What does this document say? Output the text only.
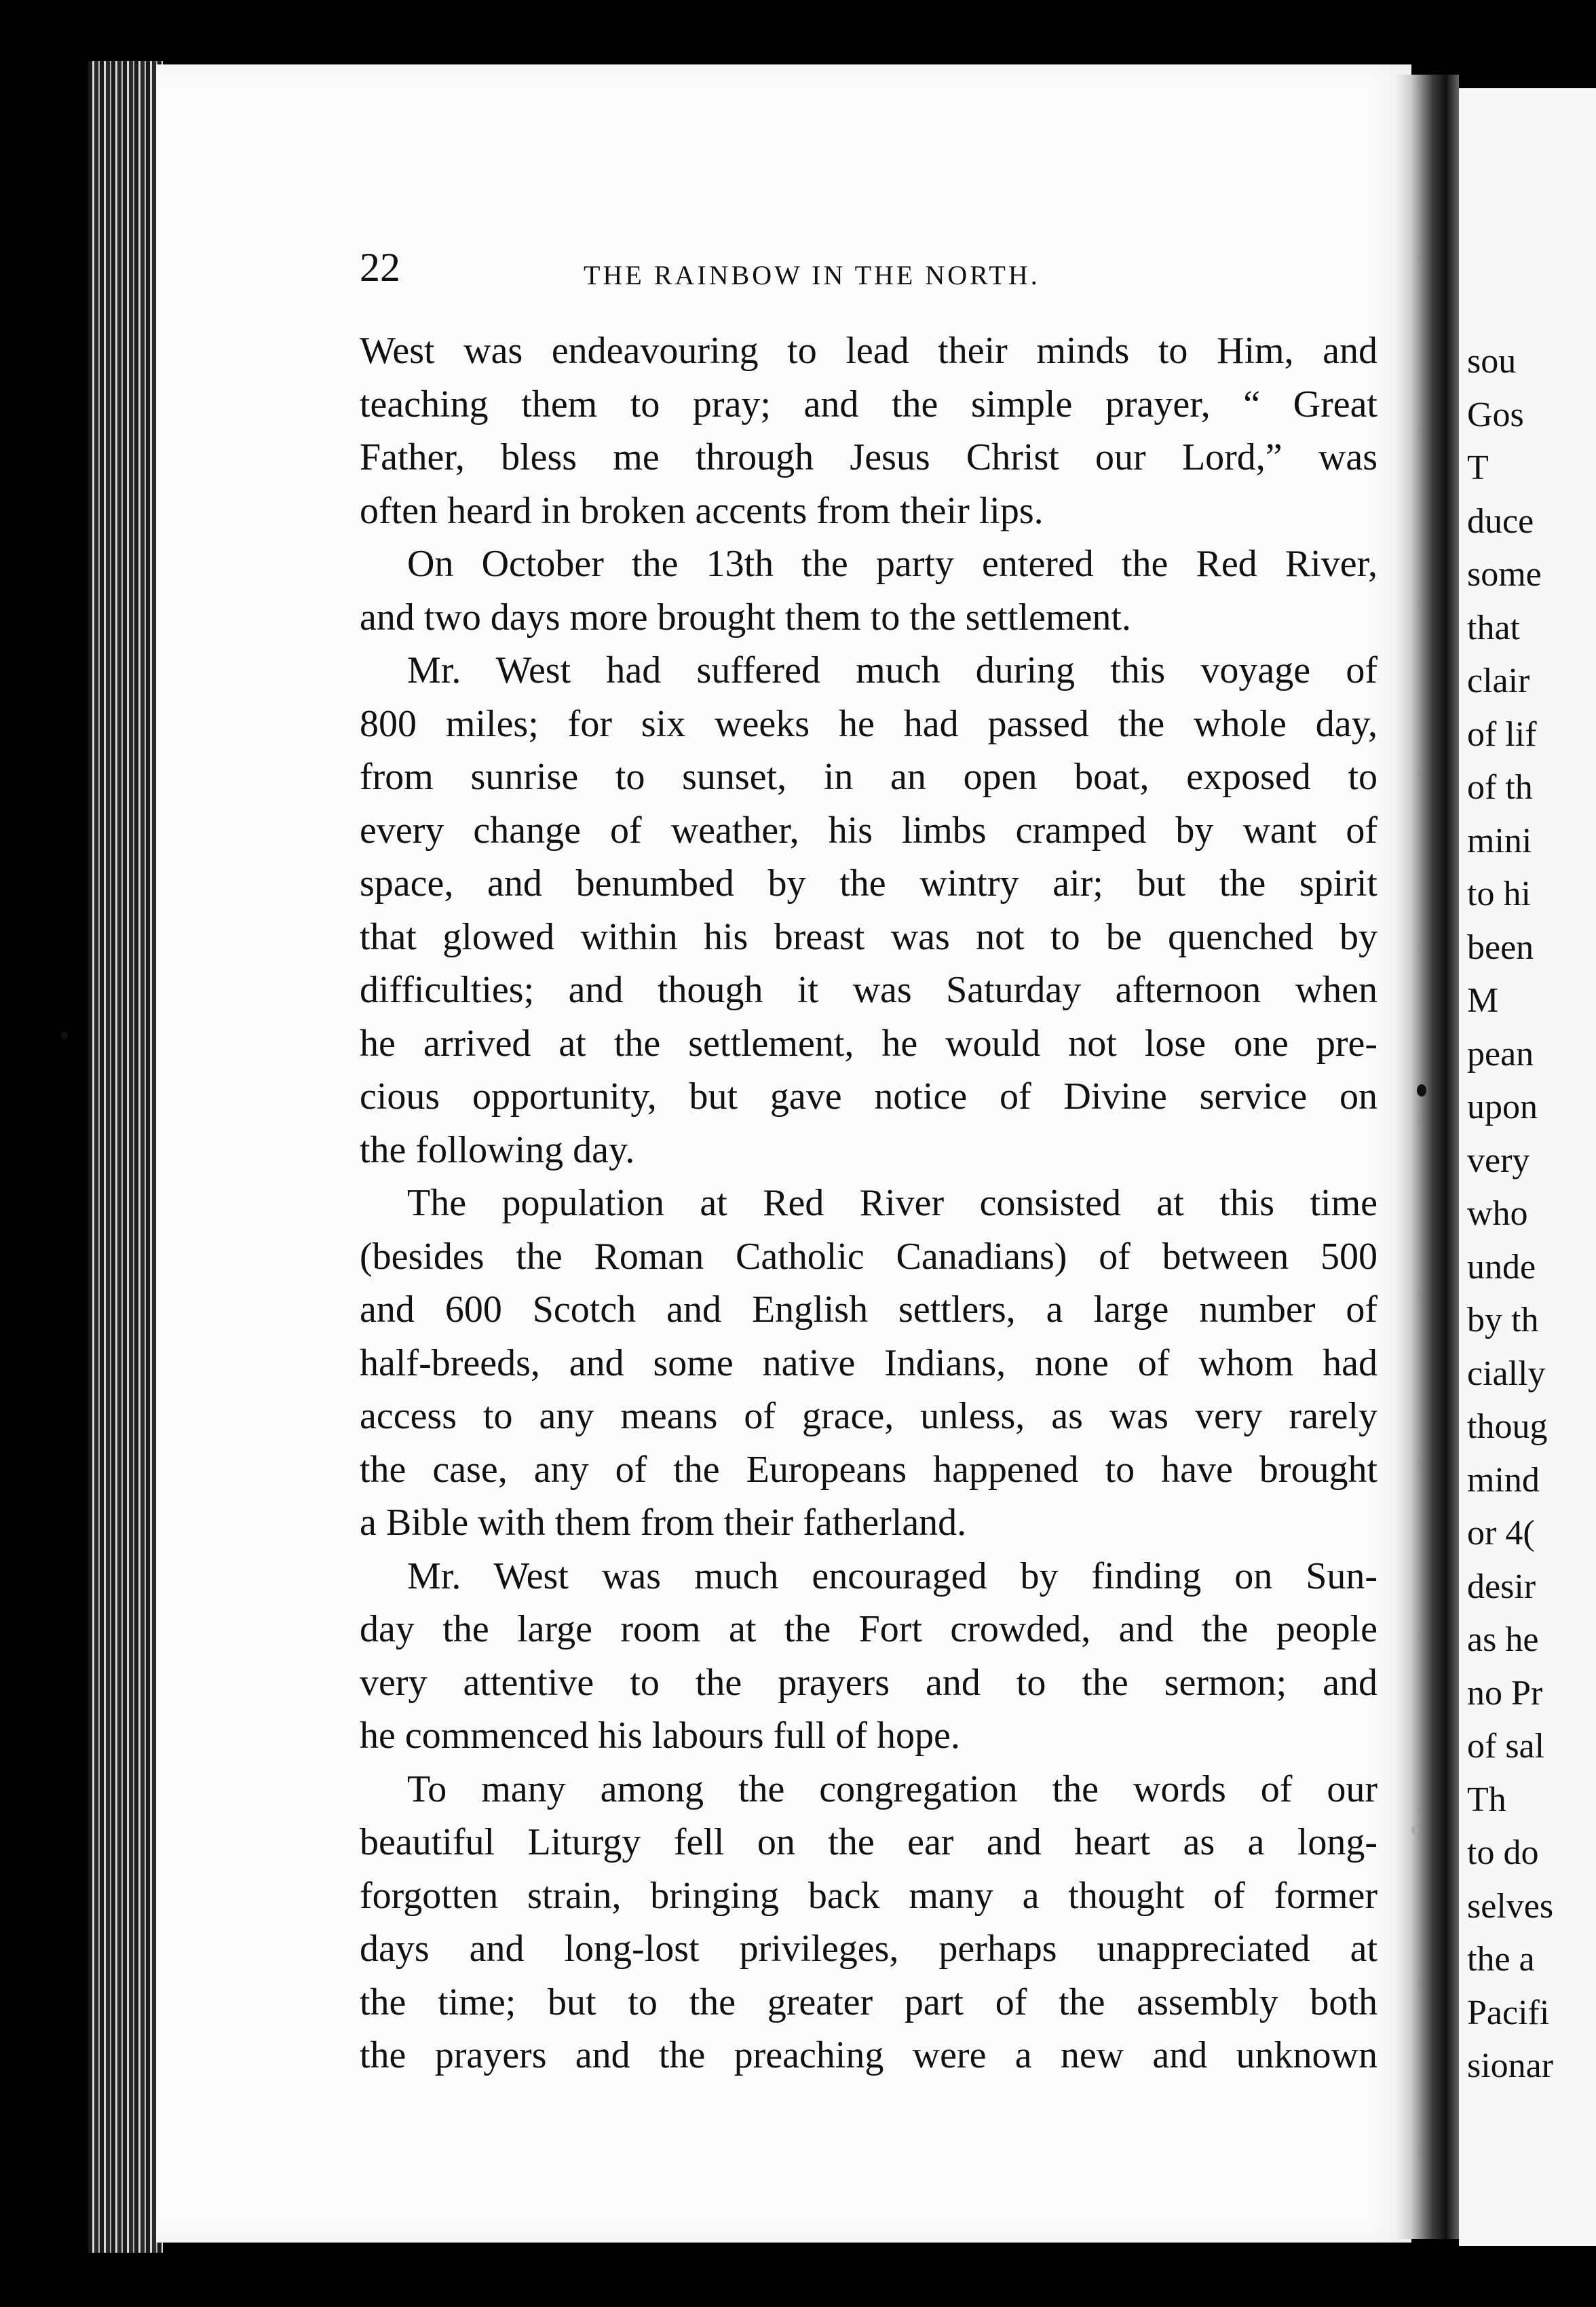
22	THE RAINBOW IN THE NORTH.
West was endeavouring to lead their minds to Him, and
teaching them to pray; and the simple prayer, “ Great
Father, bless me through Jesus Christ our Lord,” was
often heard in broken accents from their lips.
On October the 13th the party entered the Red River,
and two days more brought them to the settlement.
Mr. West had suffered much during this voyage of
800 miles; for six weeks he had passed the whole day,
from sunrise to sunset, in an open boat, exposed to
every change of weather, his limbs cramped by want of
space, and benumbed by the wintry air; but the spirit
that glowed within his breast was not to be quenched by
difficulties; and though it was Saturday afternoon when
he arrived at the settlement, he would not lose one pre-
cious opportunity, but gave notice of Divine service on
the following day.
The population at Red River consisted at this time
(besides the Roman Catholic Canadians) of between 500
and 600 Scotch and English settlers, a large number of
half-breeds, and some native Indians, none of whom had
access to any means of grace, unless, as was very rarely
the case, any of the Europeans happened to have brought
a Bible with them from their fatherland.
Mr. West was much encouraged by finding on Sun-
day the large room at the Fort crowded, and the people
very attentive to the prayers and to the sermon; and
he commenced his labours full of hope.
To many among the congregation the words of our
beautiful Liturgy fell on the ear and heart as a long-
forgotten strain, bringing back many a thought of former
days and long-lost privileges, perhaps unappreciated at
the time; but to the greater part of the assembly both
the prayers and the preaching were a new and unknown
sou
Gos
T
duce
some
that
clair
of lif
of th
mini
to hi
been
M
pean
upon
very
who
unde
by th
cially
thoug
mind
or 4(
desir
as he
no Pr
of sal
Th
to do
selves
the a
Pacifi
sionar
